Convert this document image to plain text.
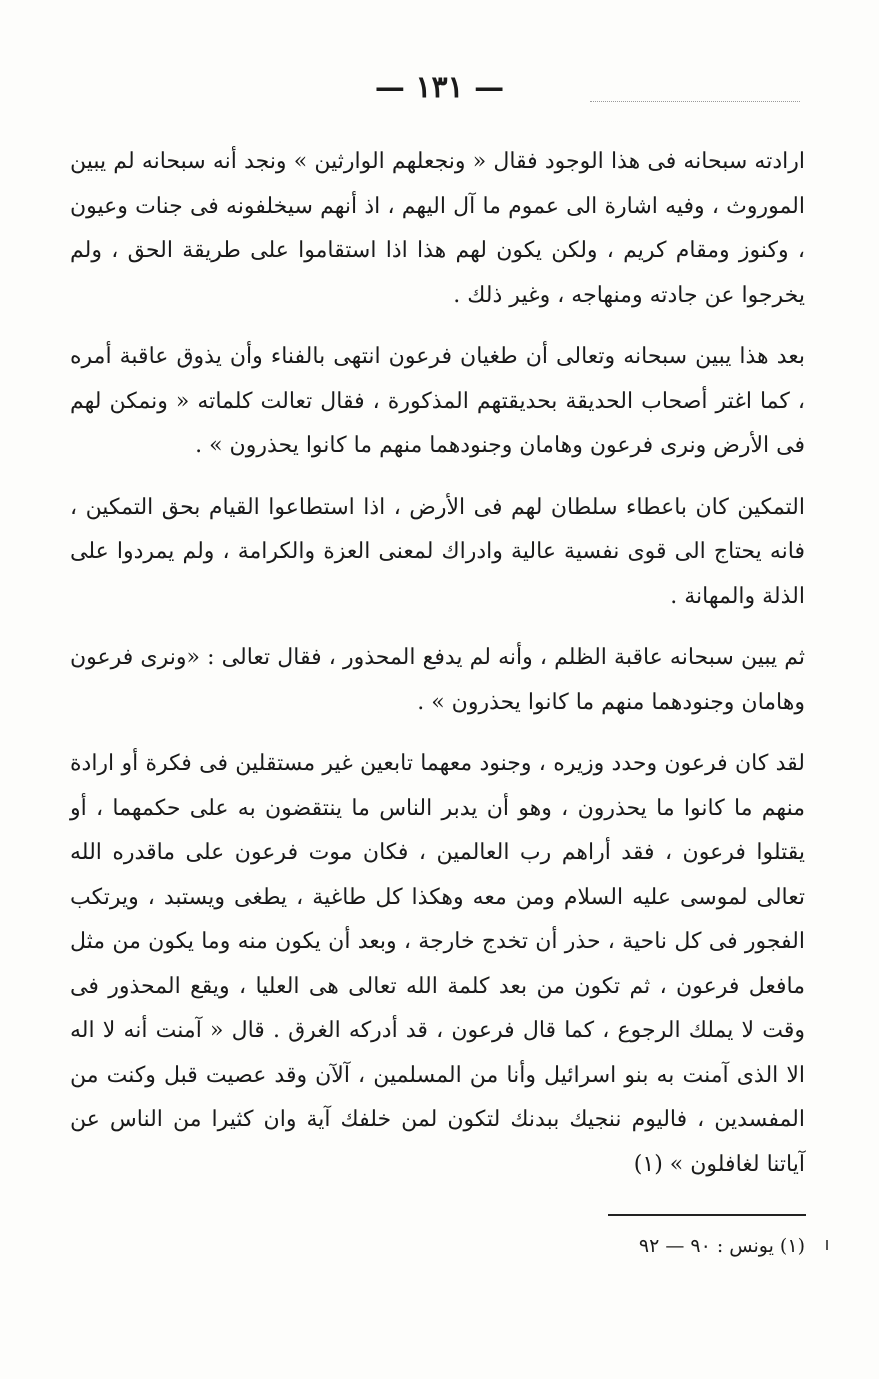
— ١٣١ —

ارادته سبحانه فى هذا الوجود فقال « ونجعلهم الوارثين » ونجد أنه سبحانه لم يبين الموروث ، وفيه اشارة الى عموم ما آل اليهم ، اذ أنهم سيخلفونه فى جنات وعيون ، وكنوز ومقام كريم ، ولكن يكون لهم هذا اذا استقاموا على طريقة الحق ، ولم يخرجوا عن جادته ومنهاجه ، وغير ذلك .

بعد هذا يبين سبحانه وتعالى أن طغيان فرعون انتهى بالفناء وأن يذوق عاقبة أمره ، كما اغتر أصحاب الحديقة بحديقتهم المذكورة ، فقال تعالت كلماته « ونمكن لهم فى الأرض ونرى فرعون وهامان وجنودهما منهم ما كانوا يحذرون » .

التمكين كان باعطاء سلطان لهم فى الأرض ، اذا استطاعوا القيام بحق التمكين ، فانه يحتاج الى قوى نفسية عالية وادراك لمعنى العزة والكرامة ، ولم يمردوا على الذلة والمهانة .

ثم يبين سبحانه عاقبة الظلم ، وأنه لم يدفع المحذور ، فقال تعالى : «ونرى فرعون وهامان وجنودهما منهم ما كانوا يحذرون » .

لقد كان فرعون وحدد وزيره ، وجنود معهما تابعين غير مستقلين فى فكرة أو ارادة منهم ما كانوا ما يحذرون ، وهو أن يدبر الناس ما ينتقضون به على حكمهما ، أو يقتلوا فرعون ، فقد أراهم رب العالمين ، فكان موت فرعون على ماقدره الله تعالى لموسى عليه السلام ومن معه وهكذا كل طاغية ، يطغى ويستبد ، ويرتكب الفجور فى كل ناحية ، حذر أن تخدج خارجة ، وبعد أن يكون منه وما يكون من مثل مافعل فرعون ، ثم تكون من بعد كلمة الله تعالى هى العليا ، ويقع المحذور فى وقت لا يملك الرجوع ، كما قال فرعون ، قد أدركه الغرق . قال « آمنت أنه لا اله الا الذى آمنت به بنو اسرائيل وأنا من المسلمين ، آلآن وقد عصيت قبل وكنت من المفسدين ، فاليوم ننجيك ببدنك لتكون لمن خلفك آية وان كثيرا من الناس عن آياتنا لغافلون » (١)

(١) يونس : ٩٠ — ٩٢
